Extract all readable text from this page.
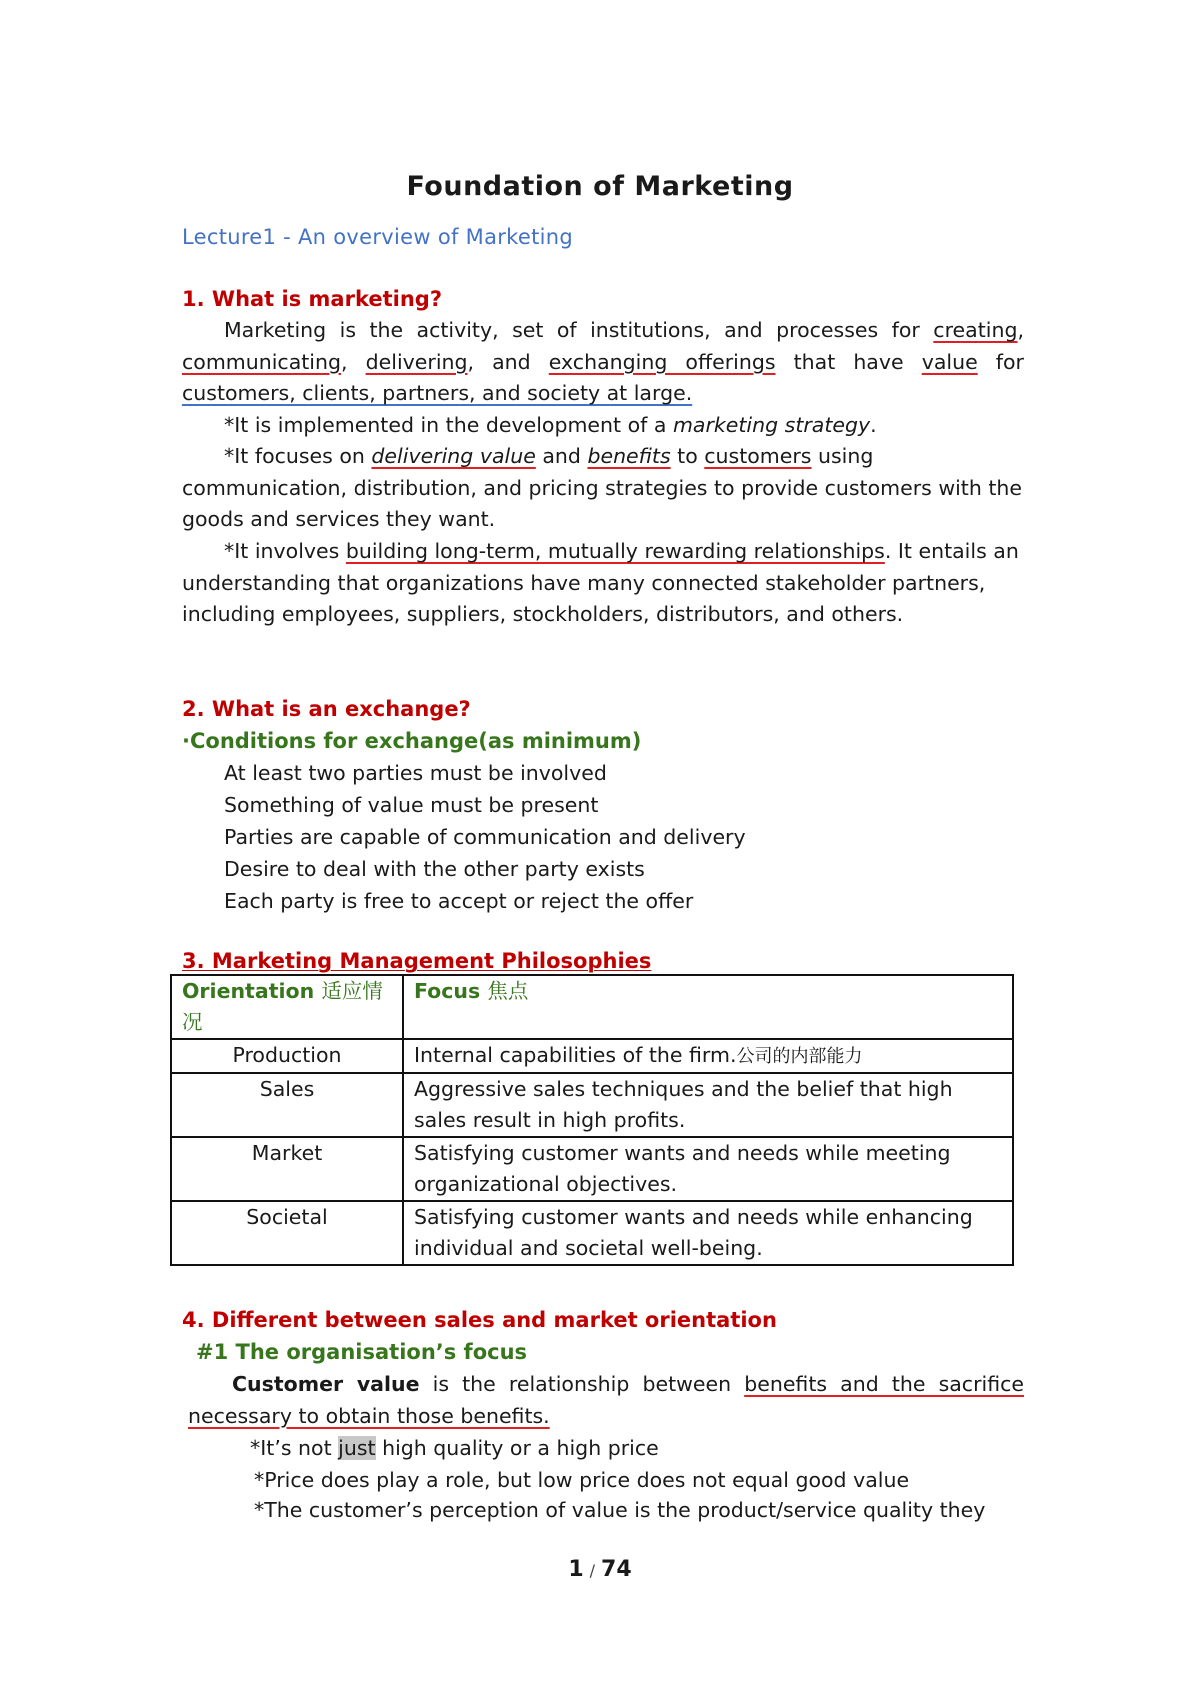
Foundation of Marketing
Lecture1 - An overview of Marketing
1. What is marketing?
Marketing is the activity, set of institutions, and processes for creating, communicating, delivering, and exchanging offerings that have value for customers, clients, partners, and society at large.
*It is implemented in the development of a marketing strategy.
*It focuses on delivering value and benefits to customers using communication, distribution, and pricing strategies to provide customers with the goods and services they want.
*It involves building long-term, mutually rewarding relationships. It entails an understanding that organizations have many connected stakeholder partners, including employees, suppliers, stockholders, distributors, and others.
2. What is an exchange?
·Conditions for exchange(as minimum)
At least two parties must be involved
Something of value must be present
Parties are capable of communication and delivery
Desire to deal with the other party exists
Each party is free to accept or reject the offer
3. Marketing Management Philosophies
Orientation 适应情况	Focus 焦点
Production	Internal capabilities of the firm.公司的内部能力
Sales	Aggressive sales techniques and the belief that high sales result in high profits.
Market	Satisfying customer wants and needs while meeting organizational objectives.
Societal	Satisfying customer wants and needs while enhancing individual and societal well-being.
4. Different between sales and market orientation
#1 The organisation’s focus
Customer value is the relationship between benefits and the sacrifice necessary to obtain those benefits.
*It’s not just high quality or a high price
*Price does play a role, but low price does not equal good value
*The customer’s perception of value is the product/service quality they
1 / 74
